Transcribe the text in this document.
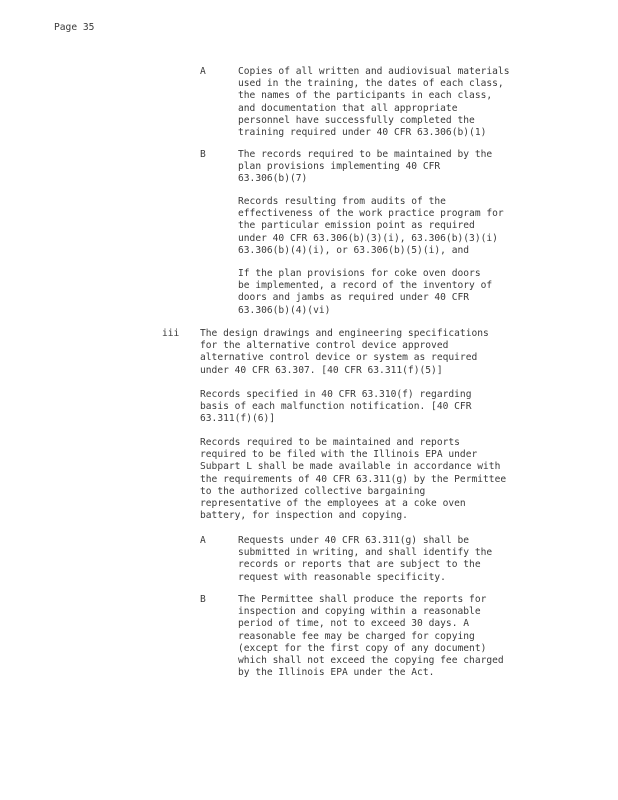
Page 35
A	Copies of all written and audiovisual materials
used in the training, the dates of each class,
the names of the participants in each class,
and documentation that all appropriate
personnel have successfully completed the
training required under 40 CFR 63.306(b)(1)
B	The records required to be maintained by the
plan provisions implementing 40 CFR
63.306(b)(7)
Records resulting from audits of the
effectiveness of the work practice program for
the particular emission point as required
under 40 CFR 63.306(b)(3)(i), 63.306(b)(3)(i)
63.306(b)(4)(i), or 63.306(b)(5)(i), and
If the plan provisions for coke oven doors
be implemented, a record of the inventory of
doors and jambs as required under 40 CFR
63.306(b)(4)(vi)
iii The design drawings and engineering specifications
for the alternative control device approved
alternative control device or system as required
under 40 CFR 63.307. [40 CFR 63.311(f)(5)]
Records specified in 40 CFR 63.310(f) regarding
basis of each malfunction notification. [40 CFR
63.311(f)(6)]
Records required to be maintained and reports
required to be filed with the Illinois EPA under
Subpart L shall be made available in accordance with
the requirements of 40 CFR 63.311(g) by the Permittee
to the authorized collective bargaining
representative of the employees at a coke oven
battery, for inspection and copying.
A	Requests under 40 CFR 63.311(g) shall be
submitted in writing, and shall identify the
records or reports that are subject to the
request with reasonable specificity.
B	The Permittee shall produce the reports for
inspection and copying within a reasonable
period of time, not to exceed 30 days. A
reasonable fee may be charged for copying
(except for the first copy of any document)
which shall not exceed the copying fee charged
by the Illinois EPA under the Act.
